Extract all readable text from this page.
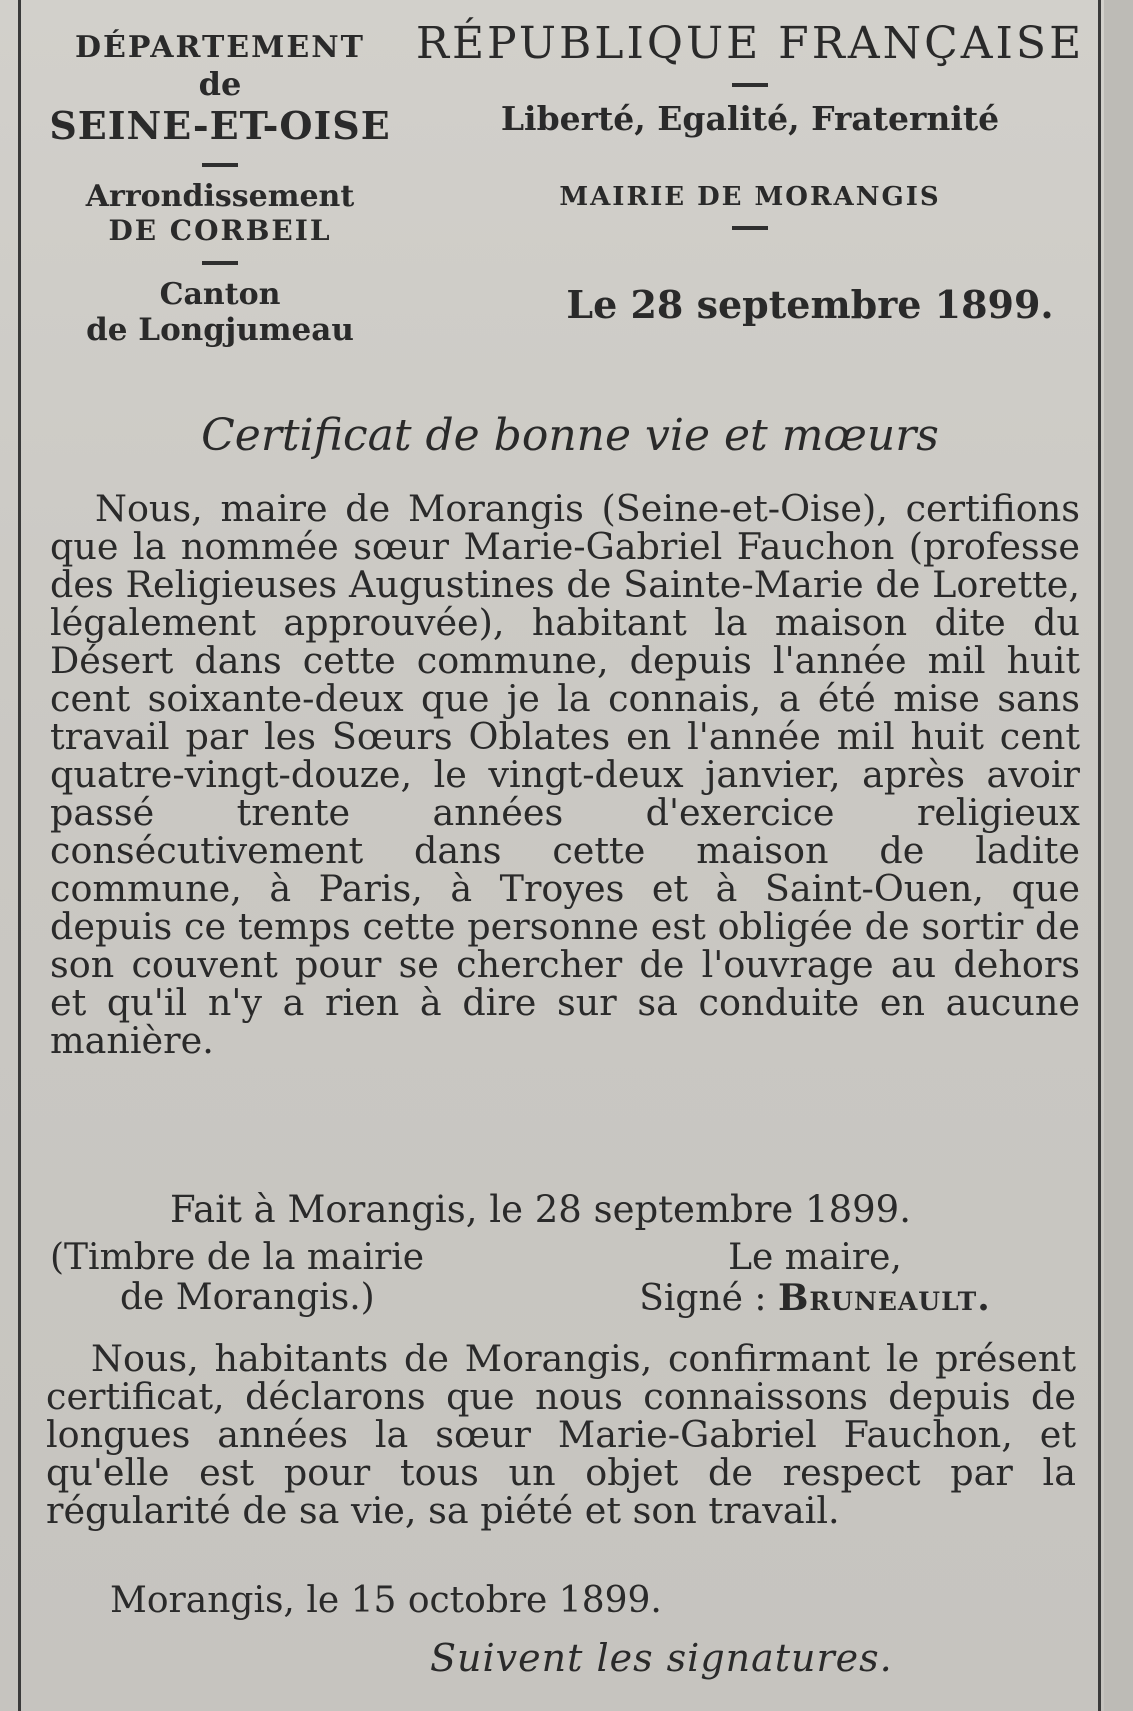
DÉPARTEMENT
de
SEINE-ET-OISE
Arrondissement
DE CORBEIL
Canton
de Longjumeau
RÉPUBLIQUE FRANÇAISE
Liberté, Egalité, Fraternité
MAIRIE DE MORANGIS
Le 28 septembre 1899.
Certificat de bonne vie et mœurs
Nous, maire de Morangis (Seine-et-Oise), certifions que la nommée sœur Marie-Gabriel Fauchon (professe des Religieuses Augustines de Sainte-Marie de Lorette, légalement approuvée), habitant la maison dite du Désert dans cette commune, depuis l'année mil huit cent soixante-deux que je la connais, a été mise sans travail par les Sœurs Oblates en l'année mil huit cent quatre-vingt-douze, le vingt-deux janvier, après avoir passé trente années d'exercice religieux consécutivement dans cette maison de ladite commune, à Paris, à Troyes et à Saint-Ouen, que depuis ce temps cette personne est obligée de sortir de son couvent pour se chercher de l'ouvrage au dehors et qu'il n'y a rien à dire sur sa conduite en aucune manière.
Fait à Morangis, le 28 septembre 1899.
(Timbre de la mairie
de Morangis.)
Le maire,
Signé : Bruneault.
Nous, habitants de Morangis, confirmant le présent certificat, déclarons que nous connaissons depuis de longues années la sœur Marie-Gabriel Fauchon, et qu'elle est pour tous un objet de respect par la régularité de sa vie, sa piété et son travail.
Morangis, le 15 octobre 1899.
Suivent les signatures.
